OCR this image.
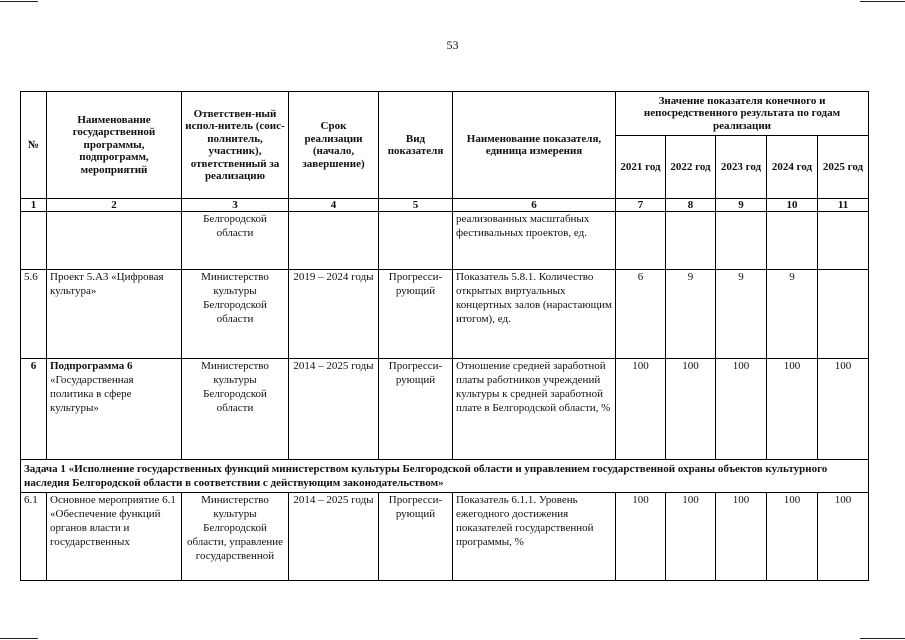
53
№	Наименование государственной программы, подпрограмм, мероприятий	Ответствен-ный испол-нитель (соис-полнитель, участник), ответственный за реализацию	Срок реализации (начало, завершение)	Вид показателя	Наименование показателя, единица измерения	Значение показателя конечного и непосредственного результата по годам реализации				
						2021 год	2022 год	2023 год	2024 год	2025 год
1	2	3	4	5	6	7	8	9	10	11
		Белгородской области			реализованных масштабных фестивальных проектов, ед.					
5.6	Проект 5.А3 «Цифровая культура»	Министерство культуры Белгородской области	2019 – 2024 годы	Прогресси-рующий	Показатель 5.8.1. Количество открытых виртуальных концертных залов (нарастающим итогом), ед.	6	9	9	9	
6	Подпрограмма 6 «Государственная политика в сфере культуры»	Министерство культуры Белгородской области	2014 – 2025 годы	Прогресси-рующий	Отношение средней заработной платы работников учреждений культуры к средней заработной плате в Белгородской области, %	100	100	100	100	100
Задача 1 «Исполнение государственных функций министерством культуры Белгородской области и управлением государственной охраны объектов культурного наследия Белгородской области в соответствии с действующим законодательством»										
6.1	Основное мероприятие 6.1 «Обеспечение функций органов власти и государственных	Министерство культуры Белгородской области, управление государственной	2014 – 2025 годы	Прогресси-рующий	Показатель 6.1.1. Уровень ежегодного достижения показателей государственной программы, %	100	100	100	100	100
